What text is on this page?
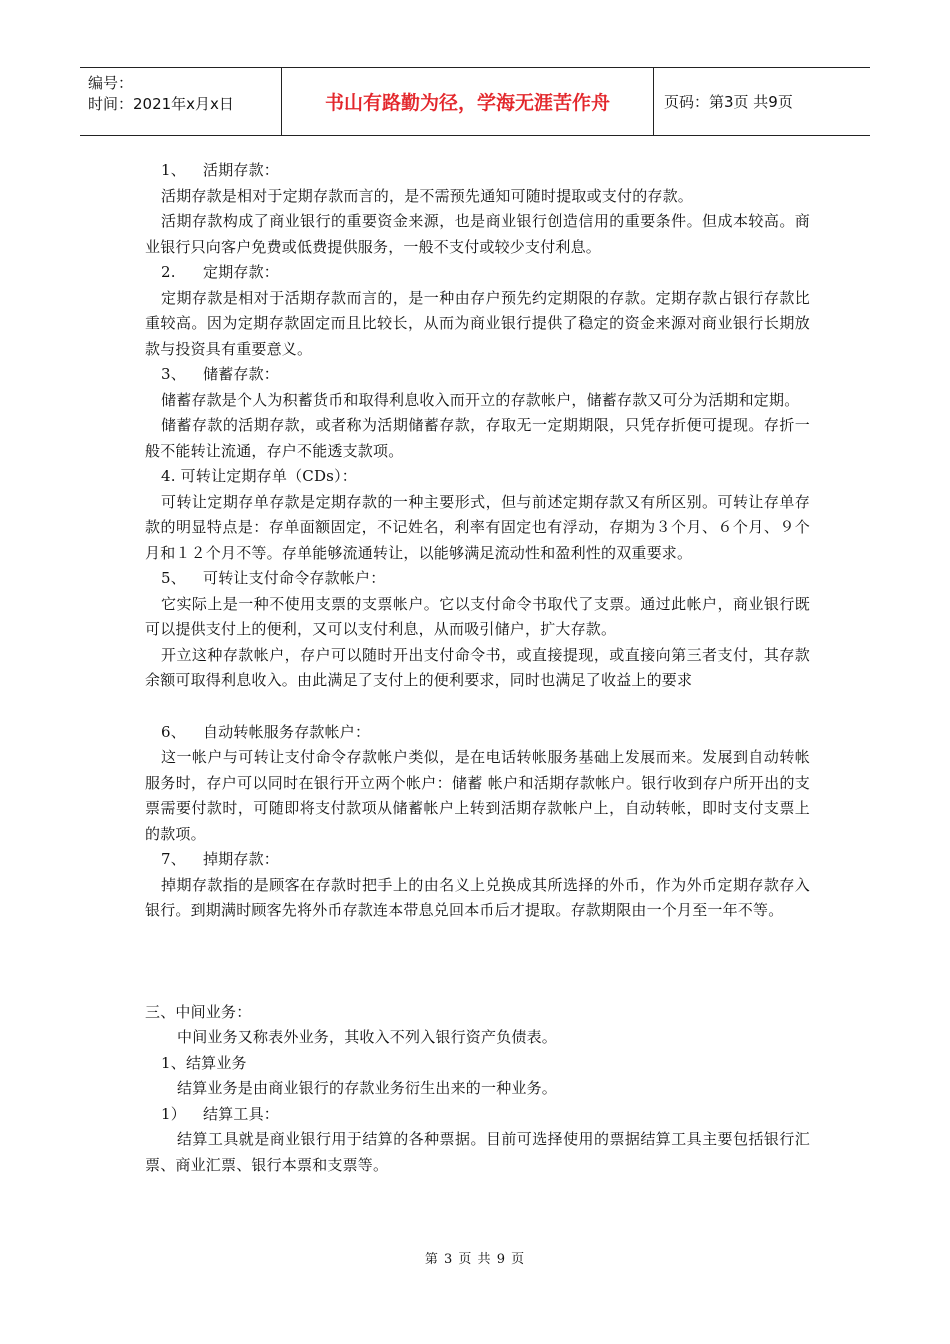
编号：
时间：2021年x月x日	书山有路勤为径，学海无涯苦作舟	页码：第3页 共9页

1、 活期存款：

活期存款是相对于定期存款而言的，是不需预先通知可随时提取或支付的存款。

活期存款构成了商业银行的重要资金来源，也是商业银行创造信用的重要条件。但成本较高。商业银行只向客户免费或低费提供服务，一般不支付或较少支付利息。

2. 定期存款：

定期存款是相对于活期存款而言的，是一种由存户预先约定期限的存款。定期存款占银行存款比重较高。因为定期存款固定而且比较长，从而为商业银行提供了稳定的资金来源对商业银行长期放款与投资具有重要意义。

3、 储蓄存款：

储蓄存款是个人为积蓄货币和取得利息收入而开立的存款帐户，储蓄存款又可分为活期和定期。

储蓄存款的活期存款，或者称为活期储蓄存款，存取无一定期期限，只凭存折便可提现。存折一般不能转让流通，存户不能透支款项。

4. 可转让定期存单（CDs）：

可转让定期存单存款是定期存款的一种主要形式，但与前述定期存款又有所区别。可转让存单存款的明显特点是：存单面额固定，不记姓名，利率有固定也有浮动，存期为３个月、６个月、９个月和１２个月不等。存单能够流通转让，以能够满足流动性和盈利性的双重要求。

5、 可转让支付命令存款帐户：

它实际上是一种不使用支票的支票帐户。它以支付命令书取代了支票。通过此帐户，商业银行既可以提供支付上的便利，又可以支付利息，从而吸引储户，扩大存款。

开立这种存款帐户，存户可以随时开出支付命令书，或直接提现，或直接向第三者支付，其存款余额可取得利息收入。由此满足了支付上的便利要求，同时也满足了收益上的要求

6、 自动转帐服务存款帐户：

这一帐户与可转让支付命令存款帐户类似，是在电话转帐服务基础上发展而来。发展到自动转帐服务时，存户可以同时在银行开立两个帐户：储蓄 帐户和活期存款帐户。银行收到存户所开出的支票需要付款时，可随即将支付款项从储蓄帐户上转到活期存款帐户上，自动转帐，即时支付支票上的款项。

7、 掉期存款：

掉期存款指的是顾客在存款时把手上的由名义上兑换成其所选择的外币，作为外币定期存款存入银行。到期满时顾客先将外币存款连本带息兑回本币后才提取。存款期限由一个月至一年不等。

三、中间业务：

中间业务又称表外业务，其收入不列入银行资产负债表。

1、结算业务

结算业务是由商业银行的存款业务衍生出来的一种业务。

1） 结算工具：

结算工具就是商业银行用于结算的各种票据。目前可选择使用的票据结算工具主要包括银行汇票、商业汇票、银行本票和支票等。

第 3 页 共 9 页
